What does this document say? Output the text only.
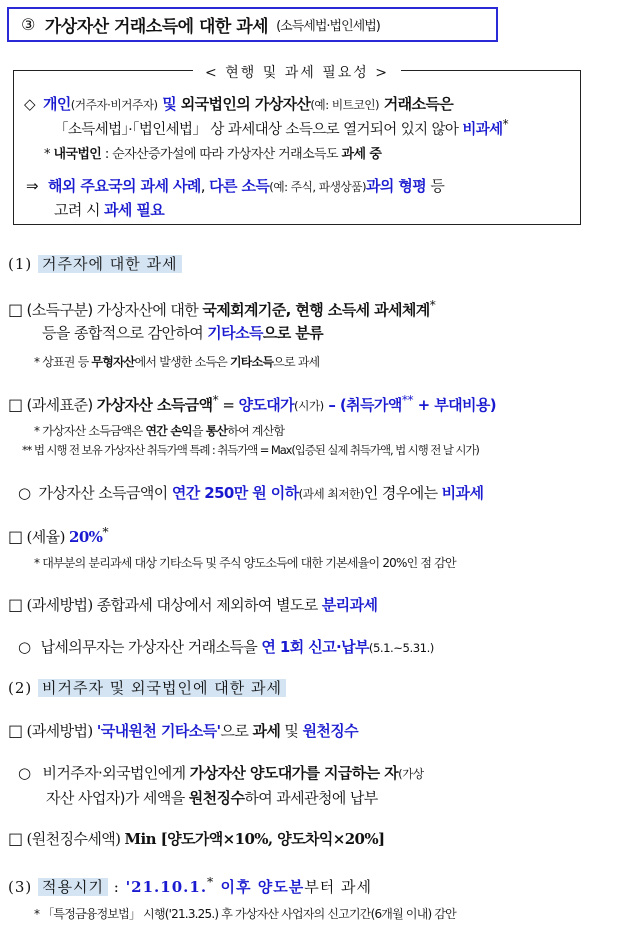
③ 가상자산 거래소득에 대한 과세 (소득세법·법인세법)
< 현행 및 과세 필요성 >
◇ 개인(거주자·비거주자) 및 외국법인의 가상자산(예: 비트코인) 거래소득은
「소득세법」·「법인세법」 상 과세대상 소득으로 열거되어 있지 않아 비과세*
* 내국법인 : 순자산증가설에 따라 가상자산 거래소득도 과세 중
⇒ 해외 주요국의 과세 사례, 다른 소득(예: 주식, 파생상품)과의 형평 등
고려 시 과세 필요
(1) 거주자에 대한 과세
□ (소득구분) 가상자산에 대한 국제회계기준, 현행 소득세 과세체계*
등을 종합적으로 감안하여 기타소득으로 분류
* 상표권 등 무형자산에서 발생한 소득은 기타소득으로 과세
□ (과세표준) 가상자산 소득금액* = 양도대가(시가) – (취득가액** + 부대비용)
* 가상자산 소득금액은 연간 손익을 통산하여 계산함
** 법 시행 전 보유 가상자산 취득가액 특례 : 취득가액 = Max(입증된 실제 취득가액, 법 시행 전 날 시가)
○ 가상자산 소득금액이 연간 250만 원 이하(과세 최저한)인 경우에는 비과세
□ (세율) 20%*
* 대부분의 분리과세 대상 기타소득 및 주식 양도소득에 대한 기본세율이 20%인 점 감안
□ (과세방법) 종합과세 대상에서 제외하여 별도로 분리과세
○ 납세의무자는 가상자산 거래소득을 연 1회 신고·납부(5.1.~5.31.)
(2) 비거주자 및 외국법인에 대한 과세
□ (과세방법) '국내원천 기타소득'으로 과세 및 원천징수
○ 비거주자·외국법인에게 가상자산 양도대가를 지급하는 자(가상
자산 사업자)가 세액을 원천징수하여 과세관청에 납부
□ (원천징수세액) Min [양도가액×10%, 양도차익×20%]
(3) 적용시기 : '21.10.1.* 이후 양도분부터 과세
* 「특정금융정보법」 시행('21.3.25.) 후 가상자산 사업자의 신고기간(6개월 이내) 감안
